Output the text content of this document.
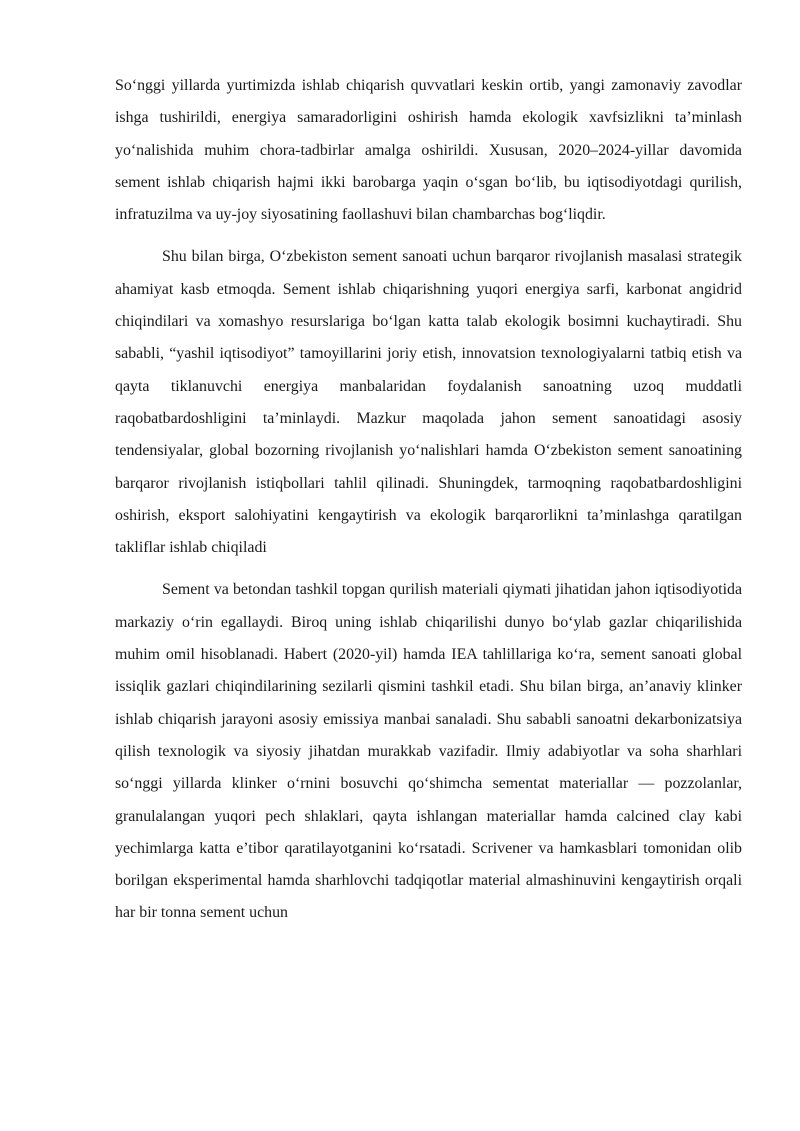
So‘nggi yillarda yurtimizda ishlab chiqarish quvvatlari keskin ortib, yangi zamonaviy zavodlar ishga tushirildi, energiya samaradorligini oshirish hamda ekologik xavfsizlikni ta’minlash yo‘nalishida muhim chora-tadbirlar amalga oshirildi. Xususan, 2020–2024-yillar davomida sement ishlab chiqarish hajmi ikki barobarga yaqin o‘sgan bo‘lib, bu iqtisodiyotdagi qurilish, infratuzilma va uy-joy siyosatining faollashuvi bilan chambarchas bog‘liqdir.

Shu bilan birga, O‘zbekiston sement sanoati uchun barqaror rivojlanish masalasi strategik ahamiyat kasb etmoqda. Sement ishlab chiqarishning yuqori energiya sarfi, karbonat angidrid chiqindilari va xomashyo resurslariga bo‘lgan katta talab ekologik bosimni kuchaytiradi. Shu sababli, “yashil iqtisodiyot” tamoyillarini joriy etish, innovatsion texnologiyalarni tatbiq etish va qayta tiklanuvchi energiya manbalaridan foydalanish sanoatning uzoq muddatli raqobatbardoshligini ta’minlaydi. Mazkur maqolada jahon sement sanoatidagi asosiy tendensiyalar, global bozorning rivojlanish yo‘nalishlari hamda O‘zbekiston sement sanoatining barqaror rivojlanish istiqbollari tahlil qilinadi. Shuningdek, tarmoqning raqobatbardoshligini oshirish, eksport salohiyatini kengaytirish va ekologik barqarorlikni ta’minlashga qaratilgan takliflar ishlab chiqiladi

Sement va betondan tashkil topgan qurilish materiali qiymati jihatidan jahon iqtisodiyotida markaziy o‘rin egallaydi. Biroq uning ishlab chiqarilishi dunyo bo‘ylab gazlar chiqarilishida muhim omil hisoblanadi. Habert (2020-yil) hamda IEA tahlillariga ko‘ra, sement sanoati global issiqlik gazlari chiqindilarining sezilarli qismini tashkil etadi. Shu bilan birga, an’anaviy klinker ishlab chiqarish jarayoni asosiy emissiya manbai sanaladi. Shu sababli sanoatni dekarbonizatsiya qilish texnologik va siyosiy jihatdan murakkab vazifadir. Ilmiy adabiyotlar va soha sharhlari so‘nggi yillarda klinker o‘rnini bosuvchi qo‘shimcha sementat materiallar — pozzolanlar, granulalangan yuqori pech shlaklari, qayta ishlangan materiallar hamda calcined clay kabi yechimlarga katta e’tibor qaratilayotganini ko‘rsatadi. Scrivener va hamkasblari tomonidan olib borilgan eksperimental hamda sharhlovchi tadqiqotlar material almashinuvini kengaytirish orqali har bir tonna sement uchun
